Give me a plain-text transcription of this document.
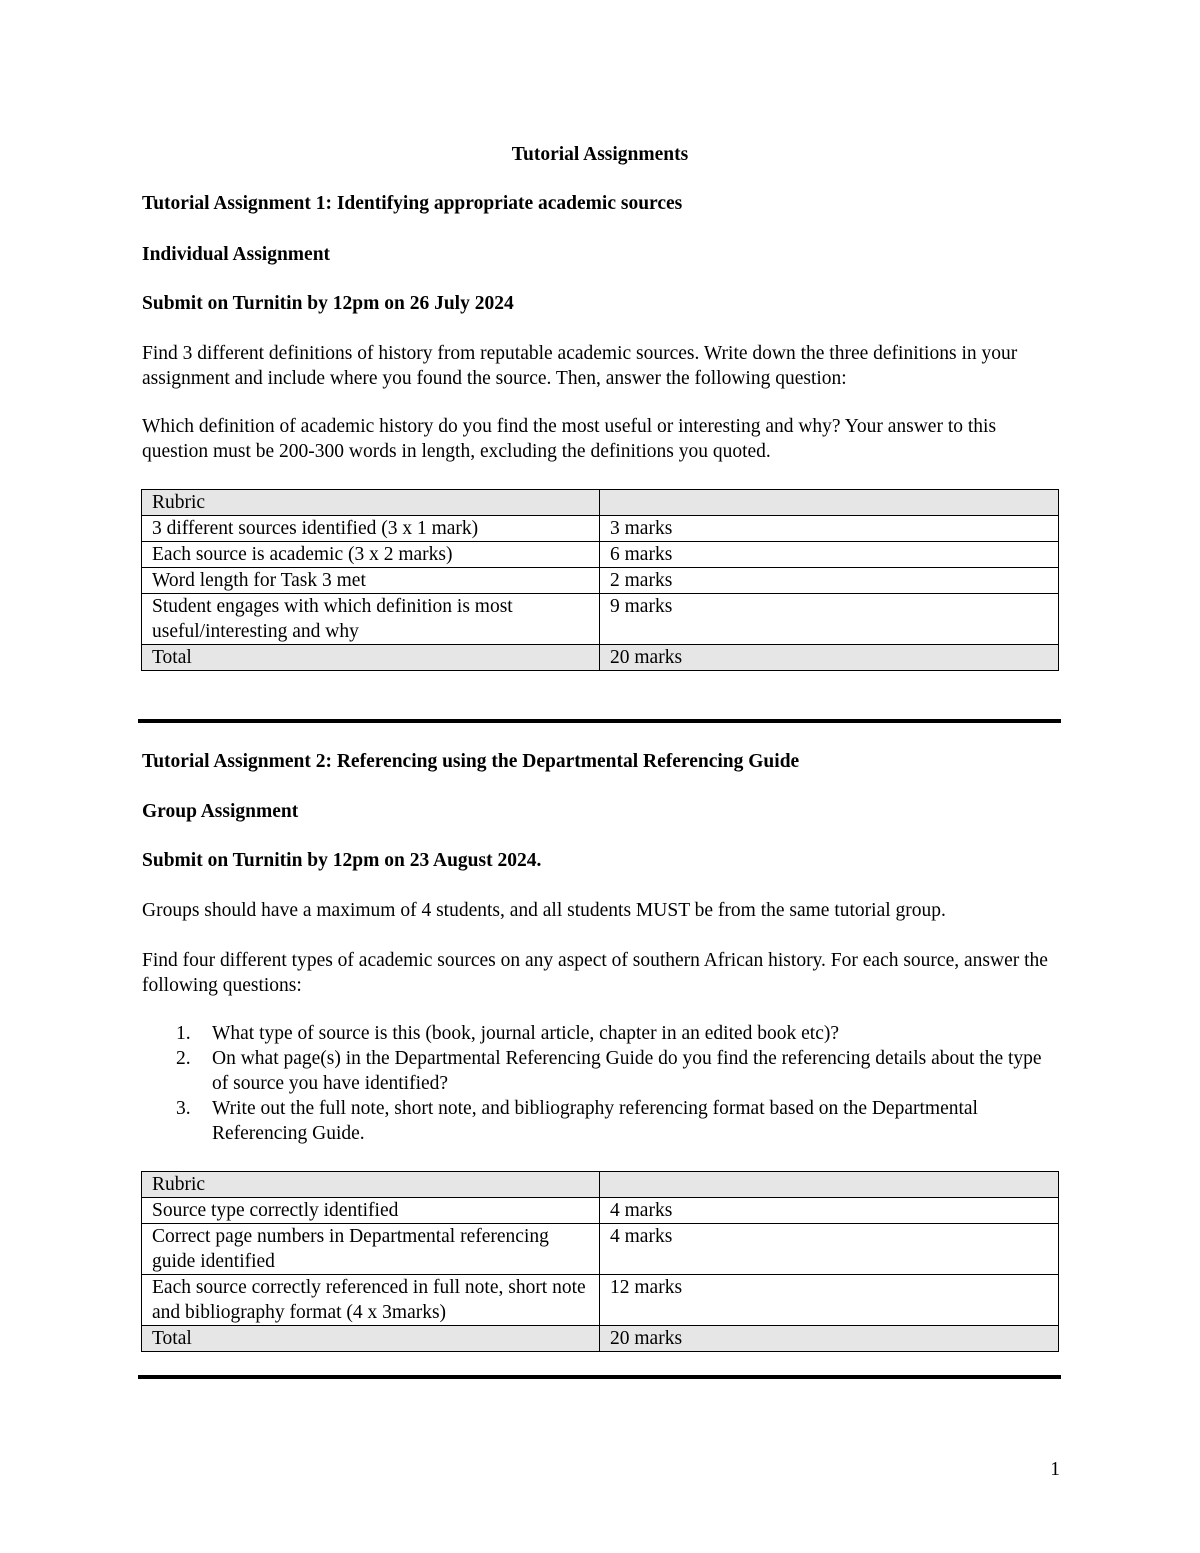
Tutorial Assignments

Tutorial Assignment 1: Identifying appropriate academic sources

Individual Assignment

Submit on Turnitin by 12pm on 26 July 2024

Find 3 different definitions of history from reputable academic sources. Write down the three definitions in your assignment and include where you found the source. Then, answer the following question:

Which definition of academic history do you find the most useful or interesting and why? Your answer to this question must be 200-300 words in length, excluding the definitions you quoted.

Rubric	
3 different sources identified (3 x 1 mark)	3 marks
Each source is academic (3 x 2 marks)	6 marks
Word length for Task 3 met	2 marks
Student engages with which definition is most useful/interesting and why	9 marks
Total	20 marks

Tutorial Assignment 2: Referencing using the Departmental Referencing Guide

Group Assignment

Submit on Turnitin by 12pm on 23 August 2024.

Groups should have a maximum of 4 students, and all students MUST be from the same tutorial group.

Find four different types of academic sources on any aspect of southern African history. For each source, answer the following questions:

1. What type of source is this (book, journal article, chapter in an edited book etc)?
2. On what page(s) in the Departmental Referencing Guide do you find the referencing details about the type of source you have identified?
3. Write out the full note, short note, and bibliography referencing format based on the Departmental Referencing Guide.
Rubric	
Source type correctly identified	4 marks
Correct page numbers in Departmental referencing guide identified	4 marks
Each source correctly referenced in full note, short note and bibliography format (4 x 3marks)	12 marks
Total	20 marks
1
